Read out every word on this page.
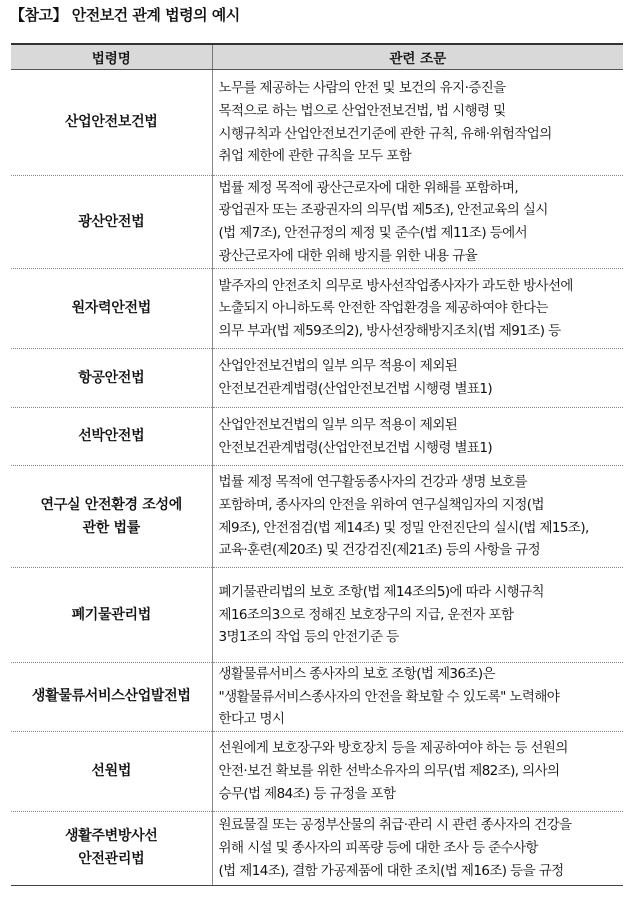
【참고】 안전보건 관계 법령의 예시
법령명	관련 조문

산업안전보건법	노무를 제공하는 사람의 안전 및 보건의 유지·증진을
목적으로 하는 법으로 산업안전보건법, 법 시행령 및
시행규칙과 산업안전보건기준에 관한 규칙, 유해·위험작업의
취업 제한에 관한 규칙을 모두 포함

광산안전법	법률 제정 목적에 광산근로자에 대한 위해를 포함하며,
광업권자 또는 조광권자의 의무(법 제5조), 안전교육의 실시
(법 제7조), 안전규정의 제정 및 준수(법 제11조) 등에서
광산근로자에 대한 위해 방지를 위한 내용 규율

원자력안전법	발주자의 안전조치 의무로 방사선작업종사자가 과도한 방사선에
노출되지 아니하도록 안전한 작업환경을 제공하여야 한다는
의무 부과(법 제59조의2), 방사선장해방지조치(법 제91조) 등

항공안전법	산업안전보건법의 일부 의무 적용이 제외된
안전보건관계법령(산업안전보건법 시행령 별표1)

선박안전법	산업안전보건법의 일부 의무 적용이 제외된
안전보건관계법령(산업안전보건법 시행령 별표1)

연구실 안전환경 조성에
관한 법률	법률 제정 목적에 연구활동종사자의 건강과 생명 보호를
포함하며, 종사자의 안전을 위하여 연구실책임자의 지정(법
제9조), 안전점검(법 제14조) 및 정밀 안전진단의 실시(법 제15조),
교육·훈련(제20조) 및 건강검진(제21조) 등의 사항을 규정

폐기물관리법	폐기물관리법의 보호 조항(법 제14조의5)에 따라 시행규칙
제16조의3으로 정해진 보호장구의 지급, 운전자 포함
3명1조의 작업 등의 안전기준 등

생활물류서비스산업발전법	생활물류서비스 종사자의 보호 조항(법 제36조)은
"생활물류서비스종사자의 안전을 확보할 수 있도록" 노력해야
한다고 명시

선원법	선원에게 보호장구와 방호장치 등을 제공하여야 하는 등 선원의
안전·보건 확보를 위한 선박소유자의 의무(법 제82조), 의사의
승무(법 제84조) 등 규정을 포함

생활주변방사선
안전관리법	원료물질 또는 공정부산물의 취급·관리 시 관련 종사자의 건강을
위해 시설 및 종사자의 피폭량 등에 대한 조사 등 준수사항
(법 제14조), 결함 가공제품에 대한 조치(법 제16조) 등을 규정
